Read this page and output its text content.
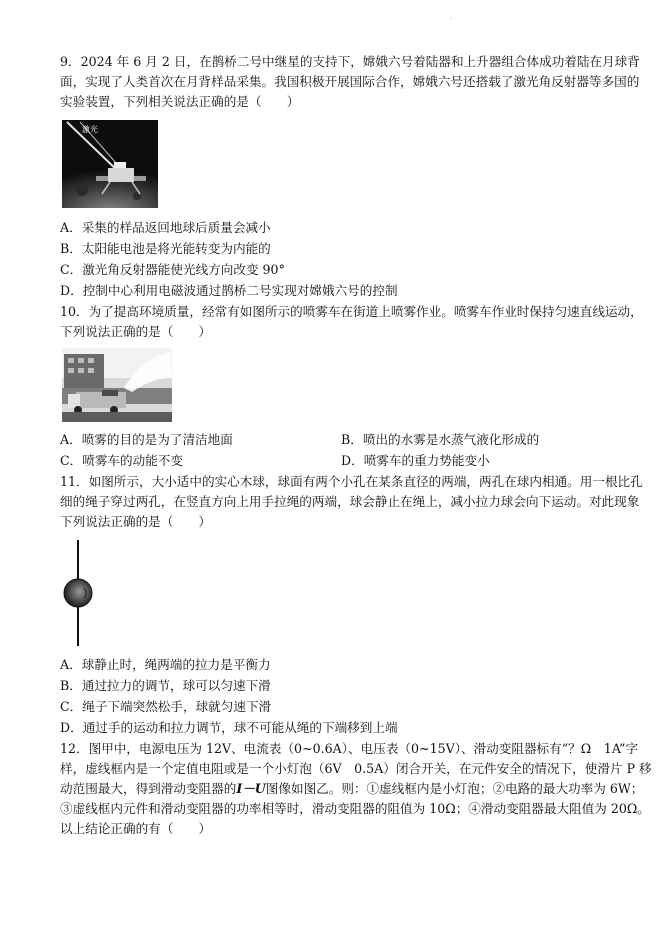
·
9．2024 年 6 月 2 日，在鹊桥二号中继星的支持下，嫦娥六号着陆器和上升器组合体成功着陆在月球背
面，实现了人类首次在月背样品采集。我国积极开展国际合作，嫦娥六号还搭载了激光角反射器等多国的
实验装置，下列相关说法正确的是（　　）
激光
A．采集的样品返回地球后质量会减小
B．太阳能电池是将光能转变为内能的
C．激光角反射器能使光线方向改变 90°
D．控制中心利用电磁波通过鹊桥二号实现对嫦娥六号的控制
10．为了提高环境质量，经常有如图所示的喷雾车在街道上喷雾作业。喷雾车作业时保持匀速直线运动，
下列说法正确的是（　　）
A．喷雾的目的是为了清洁地面	B．喷出的水雾是水蒸气液化形成的
C．喷雾车的动能不变	D．喷雾车的重力势能变小
11．如图所示，大小适中的实心木球，球面有两个小孔在某条直径的两端，两孔在球内相通。用一根比孔
细的绳子穿过两孔，在竖直方向上用手拉绳的两端，球会静止在绳上，减小拉力球会向下运动。对此现象
下列说法正确的是（　　）
A．球静止时，绳两端的拉力是平衡力
B．通过拉力的调节，球可以匀速下滑
C．绳子下端突然松手，球就匀速下滑
D．通过手的运动和拉力调节，球不可能从绳的下端移到上端
12．图甲中，电源电压为 12V、电流表（0~0.6A）、电压表（0~15V）、滑动变阻器标有“？Ω　1A”字
样，虚线框内是一个定值电阻或是一个小灯泡（6V　0.5A）闭合开关，在元件安全的情况下，使滑片 P 移
动范围最大，得到滑动变阻器的I－U图像如图乙。则：①虚线框内是小灯泡；②电路的最大功率为 6W；
③虚线框内元件和滑动变阻器的功率相等时，滑动变阻器的阻值为 10Ω；④滑动变阻器最大阻值为 20Ω。
以上结论正确的有（　　）
